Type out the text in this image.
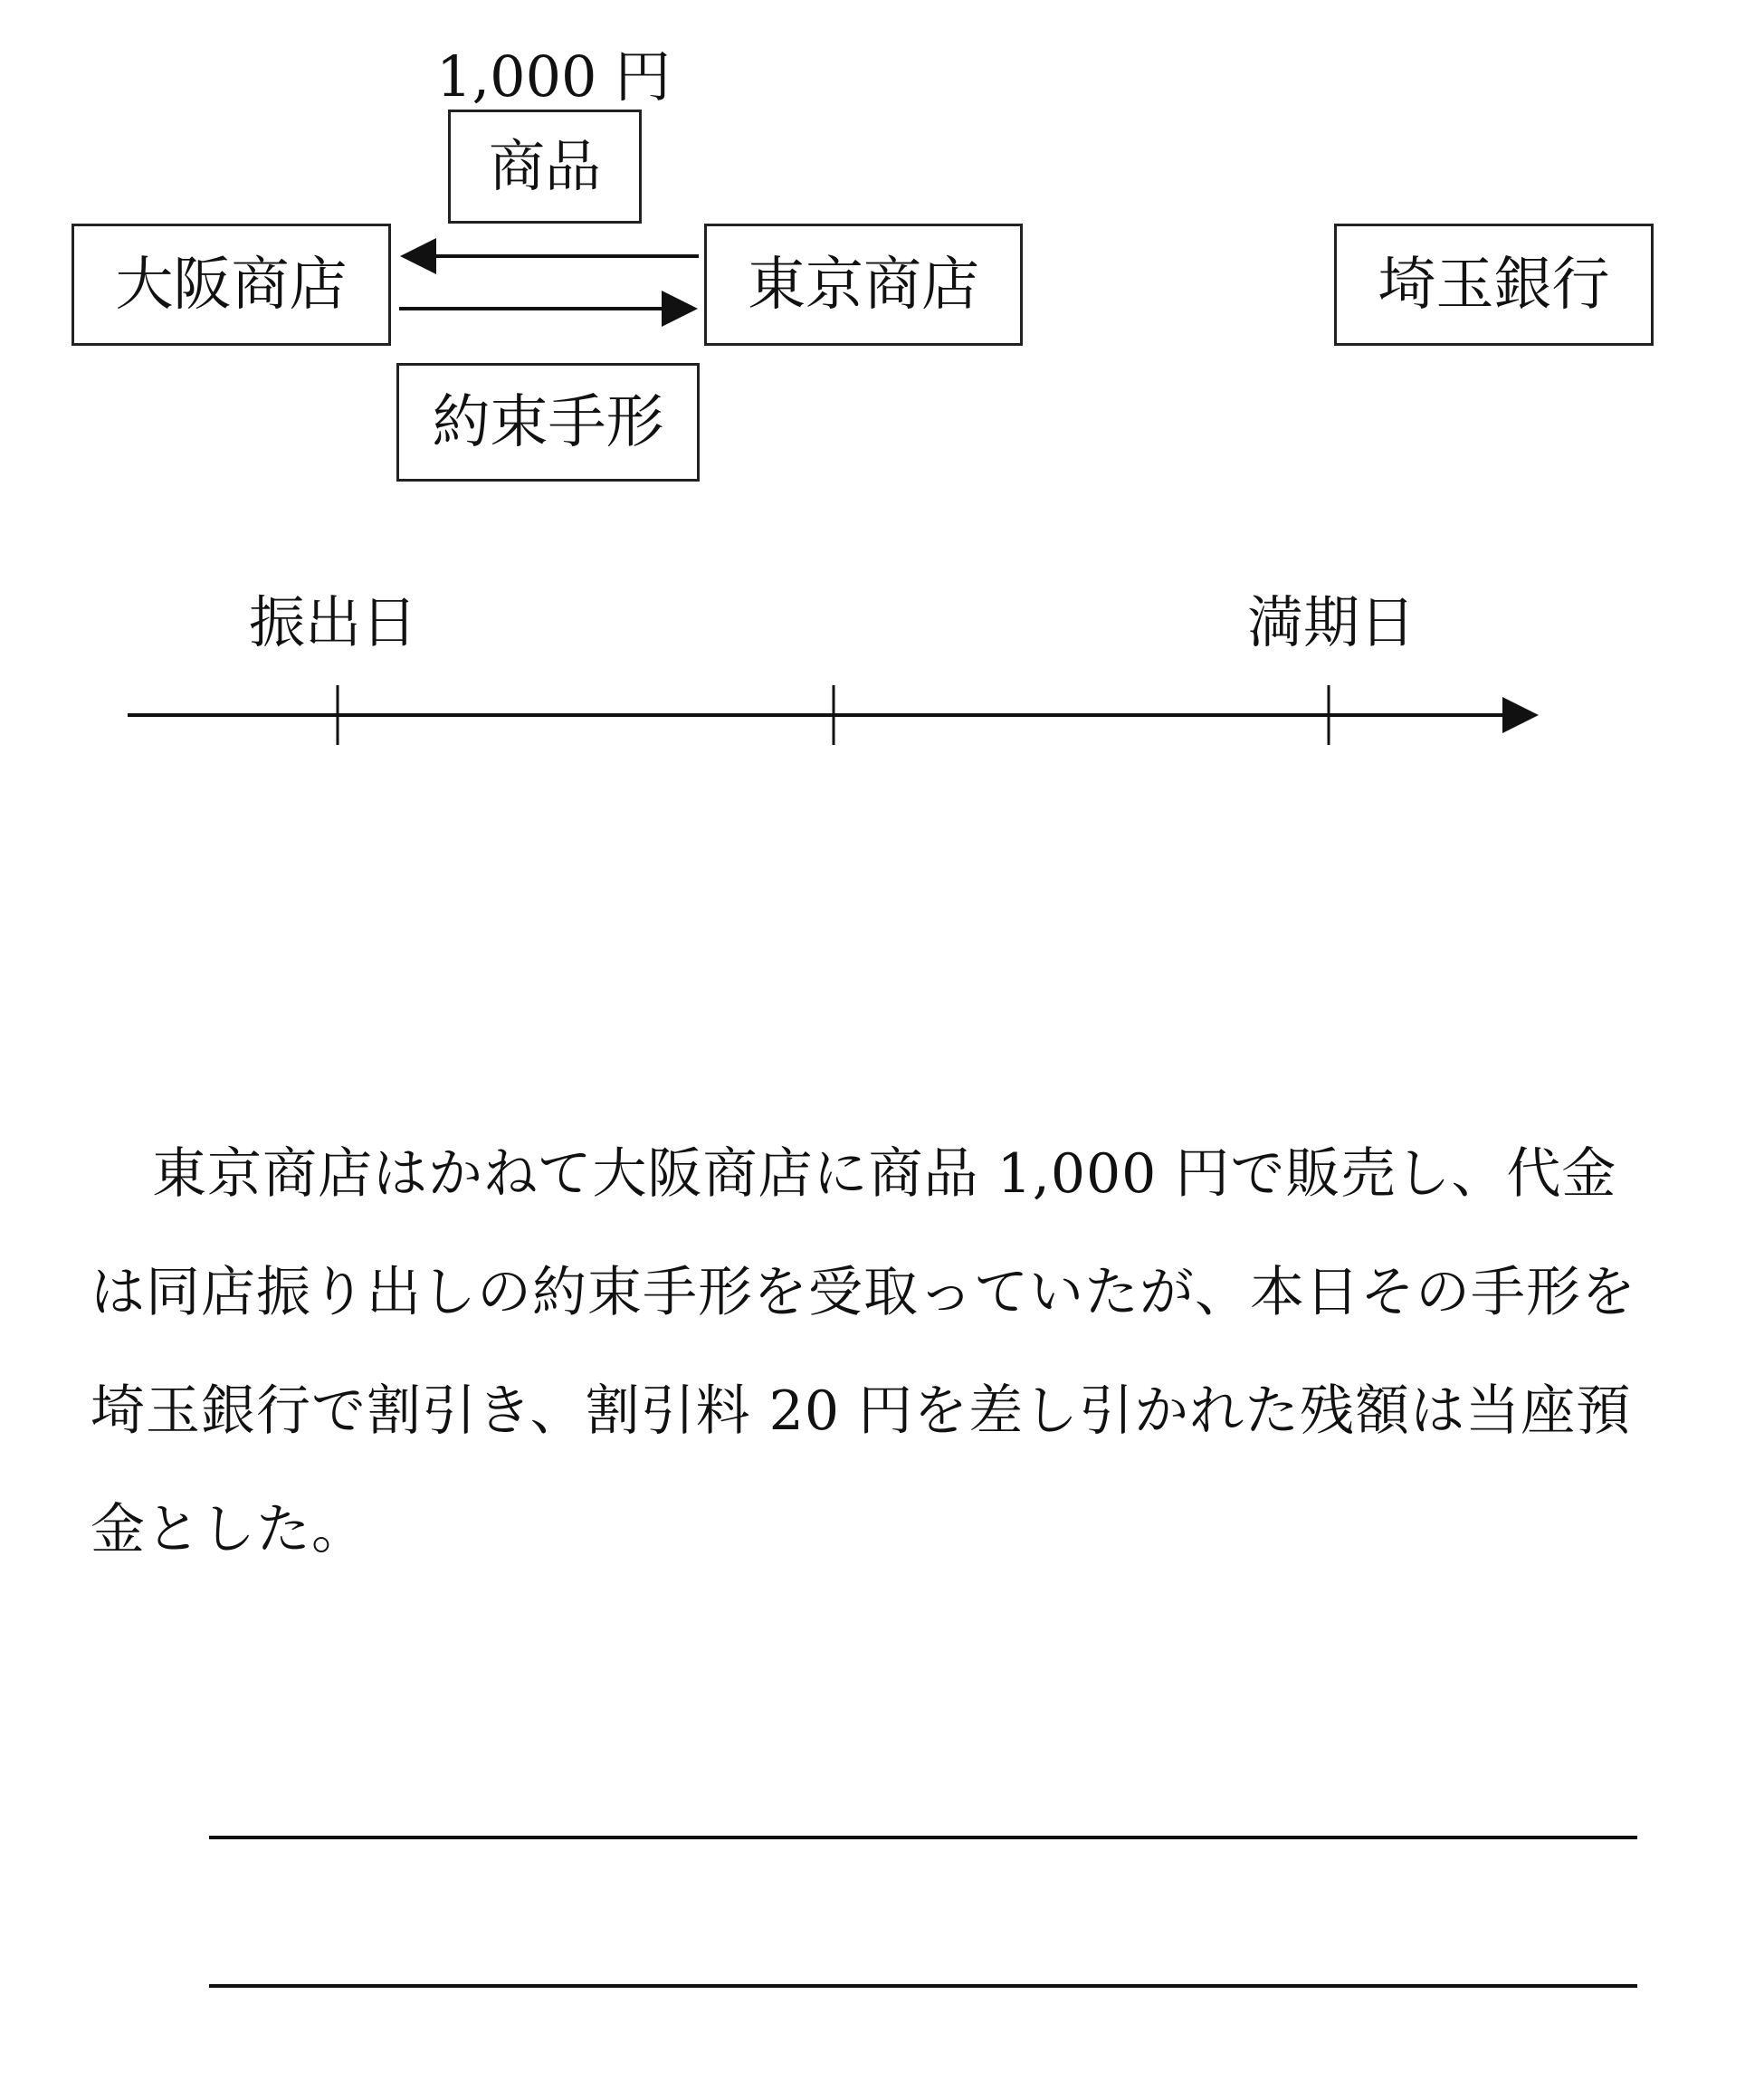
1,000 円
商品
大阪商店	東京商店	埼玉銀行
約束手形
振出日	満期日

東京商店はかねて大阪商店に商品 1,000 円で販売し、代金は同店振り出しの約束手形を受取っていたが、本日その手形を埼玉銀行で割引き、割引料 20 円を差し引かれた残額は当座預金とした。
